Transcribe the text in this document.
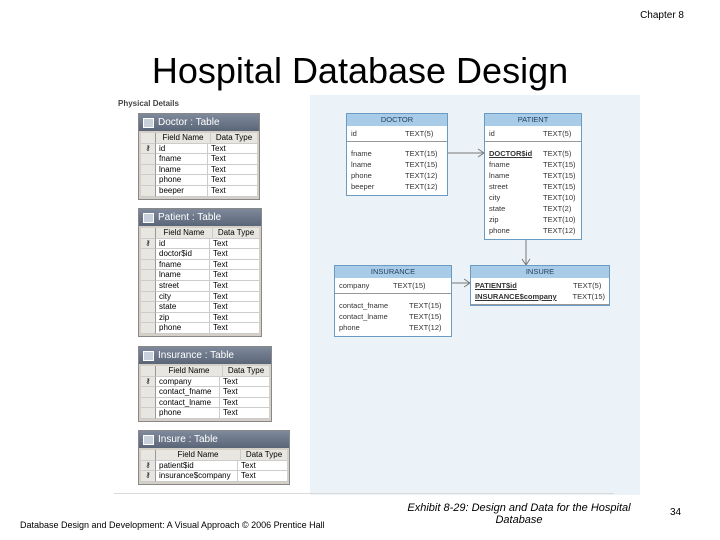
Chapter 8
Hospital Database Design
Physical Details
Doctor : Table
Field Name	Data Type
⚷	id	Text
fname	Text
lname	Text
phone	Text
beeper	Text
Patient : Table
Field Name	Data Type
⚷	id	Text
doctor$id	Text
fname	Text
lname	Text
street	Text
city	Text
state	Text
zip	Text
phone	Text
Insurance : Table
Field Name	Data Type
⚷	company	Text
contact_fname	Text
contact_lname	Text
phone	Text
Insure : Table
Field Name	Data Type
⚷	patient$id	Text
⚷	insurance$company	Text
DOCTOR
id	TEXT(5)
fname	TEXT(15)
lname	TEXT(15)
phone	TEXT(12)
beeper	TEXT(12)
PATIENT
id	TEXT(5)
DOCTOR$id	TEXT(5)
fname	TEXT(15)
lname	TEXT(15)
street	TEXT(15)
city	TEXT(10)
state	TEXT(2)
zip	TEXT(10)
phone	TEXT(12)
INSURANCE
company	TEXT(15)
contact_fname	TEXT(15)
contact_lname	TEXT(15)
phone	TEXT(12)
INSURE
PATIENT$id	TEXT(5)
INSURANCE$company	TEXT(15)
Database Design and Development: A Visual Approach © 2006 Prentice Hall
Exhibit 8-29: Design and Data for the Hospital Database
34
